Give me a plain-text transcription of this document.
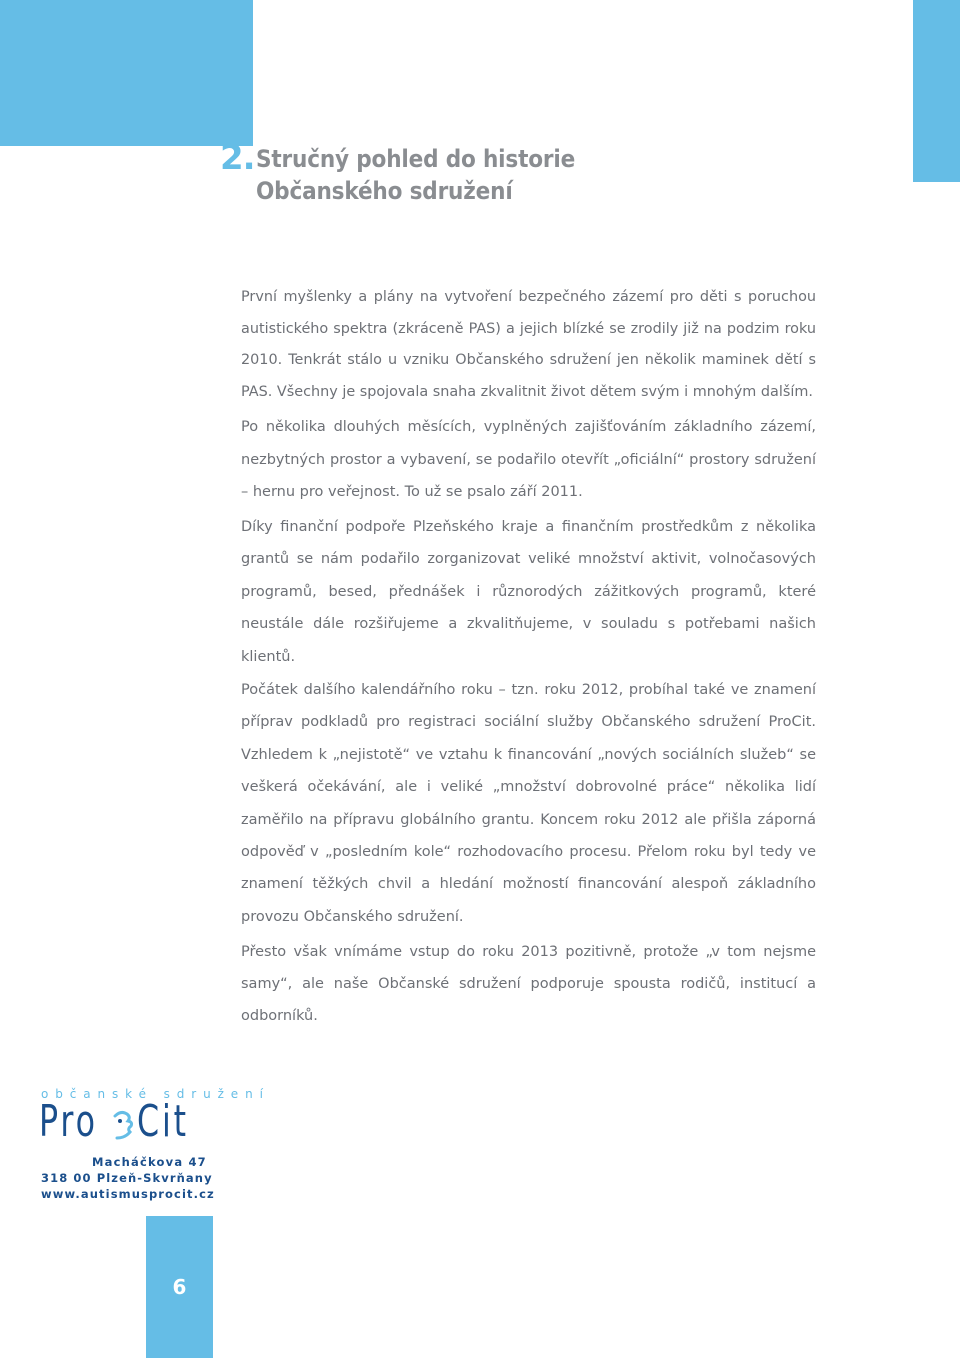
2. Stručný pohled do historie
Občanského sdružení

První myšlenky a plány na vytvoření bezpečného zázemí pro děti s poruchou autistického spektra (zkráceně PAS) a jejich blízké se zrodily již na podzim roku 2010. Tenkrát stálo u vzniku Občanského sdružení jen několik maminek dětí s PAS. Všechny je spojovala snaha zkvalitnit život dětem svým i mnohým dalším.

Po několika dlouhých měsících, vyplněných zajišťováním základního zázemí, nezbytných prostor a vybavení, se podařilo otevřít „oficiální“ prostory sdružení – hernu pro veřejnost. To už se psalo září 2011.

Díky finanční podpoře Plzeňského kraje a finančním prostředkům z několika grantů se nám podařilo zorganizovat veliké množství aktivit, volnočasových programů, besed, přednášek i různorodých zážitkových programů, které neustále dále rozšiřujeme a zkvalitňujeme, v souladu s potřebami našich klientů.

Počátek dalšího kalendářního roku – tzn. roku 2012, probíhal také ve znamení příprav podkladů pro registraci sociální služby Občanského sdružení ProCit. Vzhledem k „nejistotě“ ve vztahu k financování „nových sociálních služeb“ se veškerá očekávání, ale i veliké „množství dobrovolné práce“ několika lidí zaměřilo na přípravu globálního grantu. Koncem roku 2012 ale přišla záporná odpověď v „posledním kole“ rozhodovacího procesu. Přelom roku byl tedy ve znamení těžkých chvil a hledání možností financování alespoň základního provozu Občanského sdružení.

Přesto však vnímáme vstup do roku 2013 pozitivně, protože „v tom nejsme samy“, ale naše Občanské sdružení podporuje spousta rodičů, institucí a odborníků.

občanské sdružení
Pro Cit
Macháčkova 47
318 00 Plzeň-Skvrňany
www.autismusprocit.cz
6
